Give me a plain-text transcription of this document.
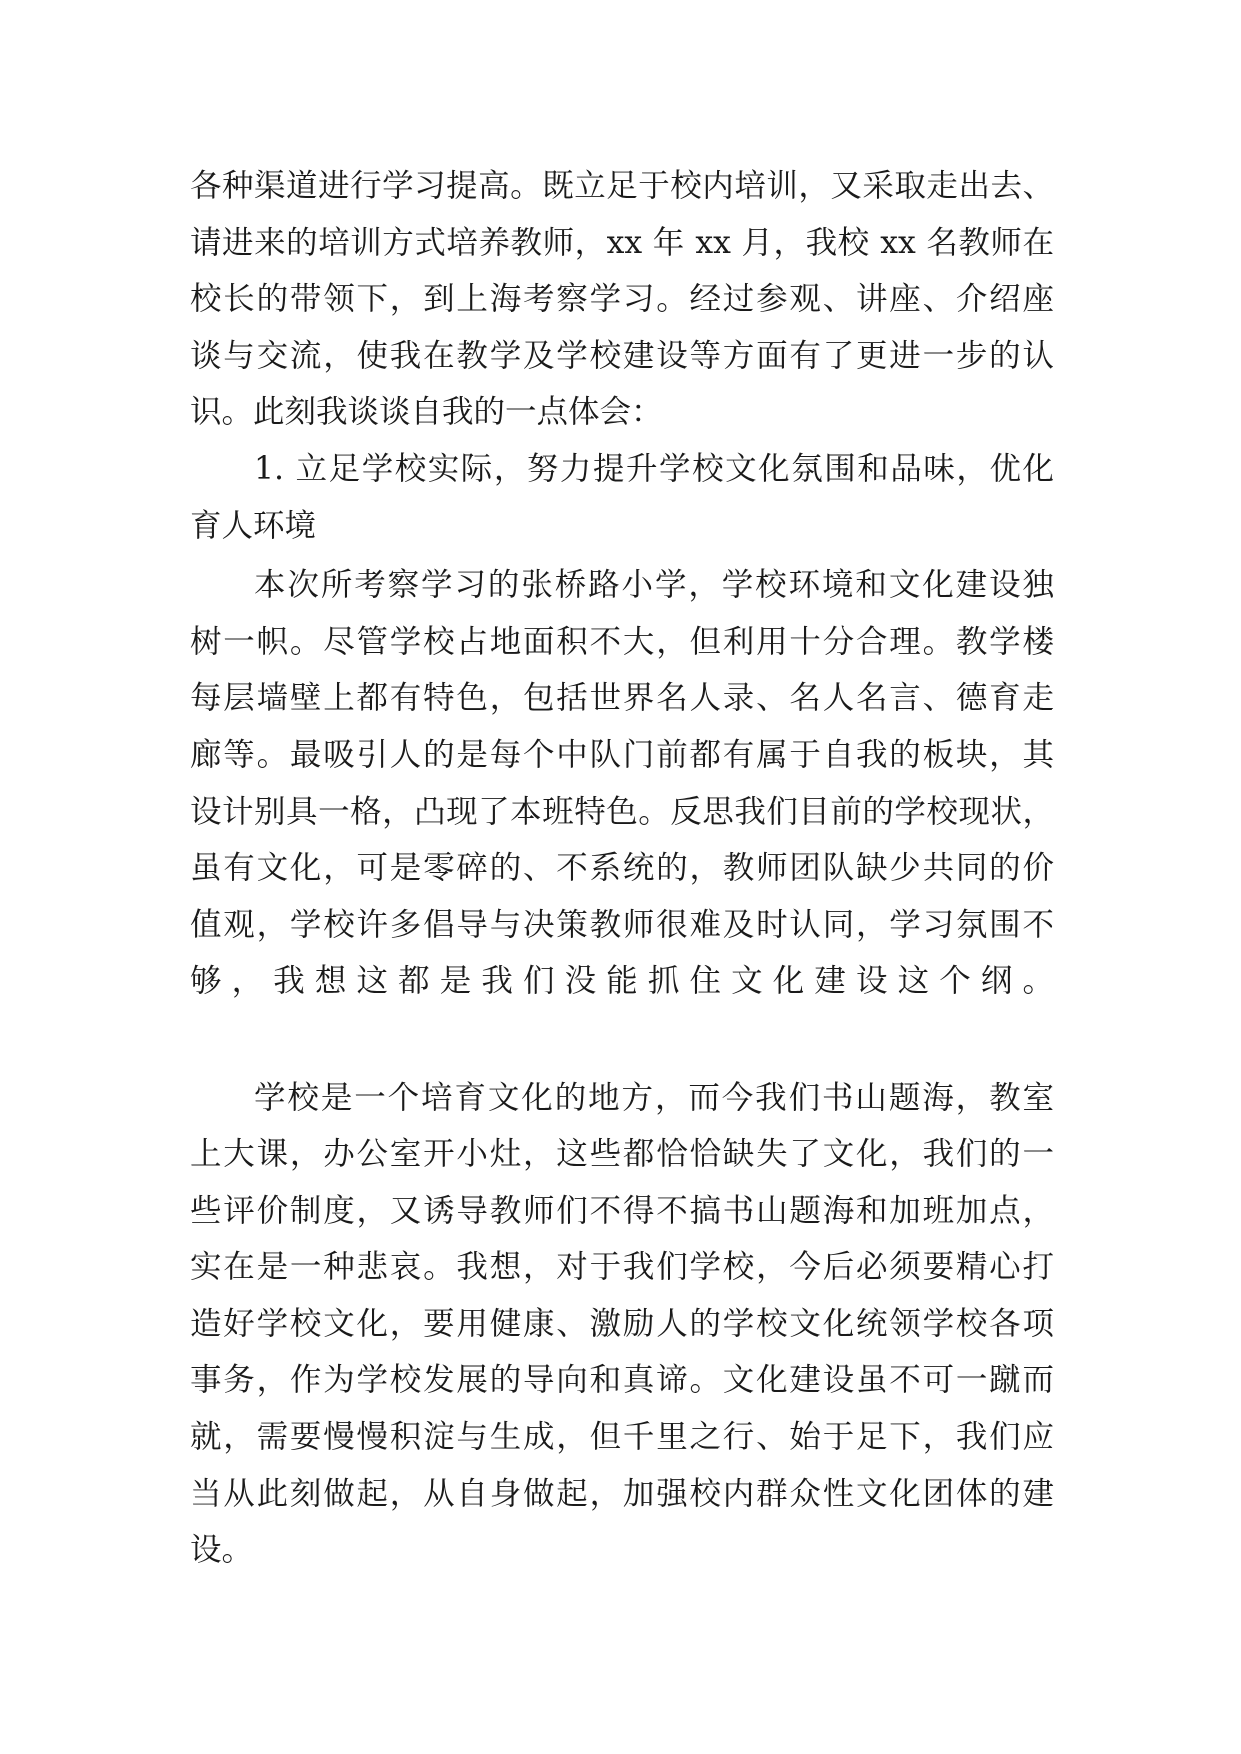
各种渠道进行学习提高。既立足于校内培训，又采取走出去、
请进来的培训方式培养教师，xx 年 xx 月，我校 xx 名教师在
校长的带领下，到上海考察学习。经过参观、讲座、介绍座
谈与交流，使我在教学及学校建设等方面有了更进一步的认
识。此刻我谈谈自我的一点体会：
1. 立足学校实际，努力提升学校文化氛围和品味，优化
育人环境
本次所考察学习的张桥路小学，学校环境和文化建设独
树一帜。尽管学校占地面积不大，但利用十分合理。教学楼
每层墙壁上都有特色，包括世界名人录、名人名言、德育走
廊等。最吸引人的是每个中队门前都有属于自我的板块，其
设计别具一格，凸现了本班特色。反思我们目前的学校现状，
虽有文化，可是零碎的、不系统的，教师团队缺少共同的价
值观，学校许多倡导与决策教师很难及时认同，学习氛围不
够，我想这都是我们没能抓住文化建设这个纲。
学校是一个培育文化的地方，而今我们书山题海，教室
上大课，办公室开小灶，这些都恰恰缺失了文化，我们的一
些评价制度，又诱导教师们不得不搞书山题海和加班加点，
实在是一种悲哀。我想，对于我们学校，今后必须要精心打
造好学校文化，要用健康、激励人的学校文化统领学校各项
事务，作为学校发展的导向和真谛。文化建设虽不可一蹴而
就，需要慢慢积淀与生成，但千里之行、始于足下，我们应
当从此刻做起，从自身做起，加强校内群众性文化团体的建
设。
